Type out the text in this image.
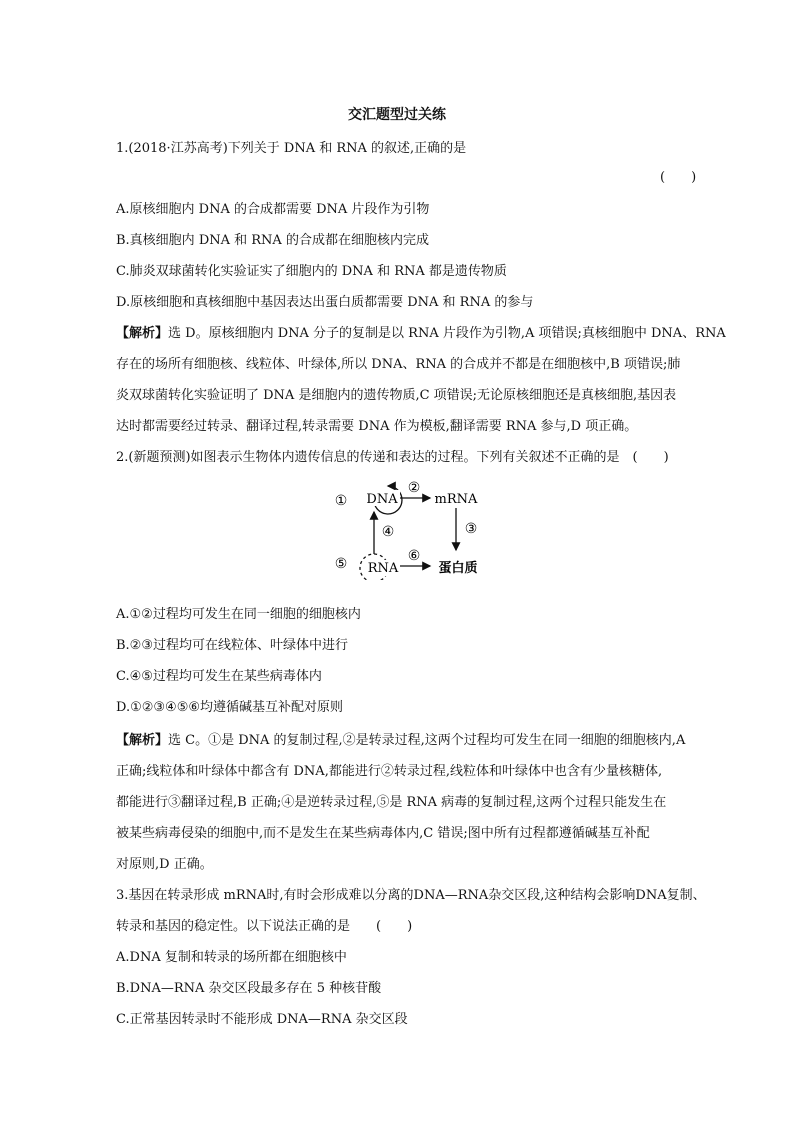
交汇题型过关练
1.(2018·江苏高考)下列关于 DNA 和 RNA 的叙述,正确的是
(　　)
A.原核细胞内 DNA 的合成都需要 DNA 片段作为引物
B.真核细胞内 DNA 和 RNA 的合成都在细胞核内完成
C.肺炎双球菌转化实验证实了细胞内的 DNA 和 RNA 都是遗传物质
D.原核细胞和真核细胞中基因表达出蛋白质都需要 DNA 和 RNA 的参与
【解析】选 D。原核细胞内 DNA 分子的复制是以 RNA 片段作为引物,A 项错误;真核细胞中 DNA、RNA
存在的场所有细胞核、线粒体、叶绿体,所以 DNA、RNA 的合成并不都是在细胞核中,B 项错误;肺
炎双球菌转化实验证明了 DNA 是细胞内的遗传物质,C 项错误;无论原核细胞还是真核细胞,基因表
达时都需要经过转录、翻译过程,转录需要 DNA 作为模板,翻译需要 RNA 参与,D 项正确。
2.(新题预测)如图表示生物体内遗传信息的传递和表达的过程。下列有关叙述不正确的是　(　　)
DNA	mRNA
RNA	蛋白质
①
②
③
④
⑤	⑥
A.①②过程均可发生在同一细胞的细胞核内
B.②③过程均可在线粒体、叶绿体中进行
C.④⑤过程均可发生在某些病毒体内
D.①②③④⑤⑥均遵循碱基互补配对原则
【解析】选 C。①是 DNA 的复制过程,②是转录过程,这两个过程均可发生在同一细胞的细胞核内,A
正确;线粒体和叶绿体中都含有 DNA,都能进行②转录过程,线粒体和叶绿体中也含有少量核糖体,
都能进行③翻译过程,B 正确;④是逆转录过程,⑤是 RNA 病毒的复制过程,这两个过程只能发生在
被某些病毒侵染的细胞中,而不是发生在某些病毒体内,C 错误;图中所有过程都遵循碱基互补配
对原则,D 正确。
3.基因在转录形成 mRNA时,有时会形成难以分离的DNA—RNA杂交区段,这种结构会影响DNA复制、
转录和基因的稳定性。以下说法正确的是　　(　　)
A.DNA 复制和转录的场所都在细胞核中
B.DNA—RNA 杂交区段最多存在 5 种核苷酸
C.正常基因转录时不能形成 DNA—RNA 杂交区段
